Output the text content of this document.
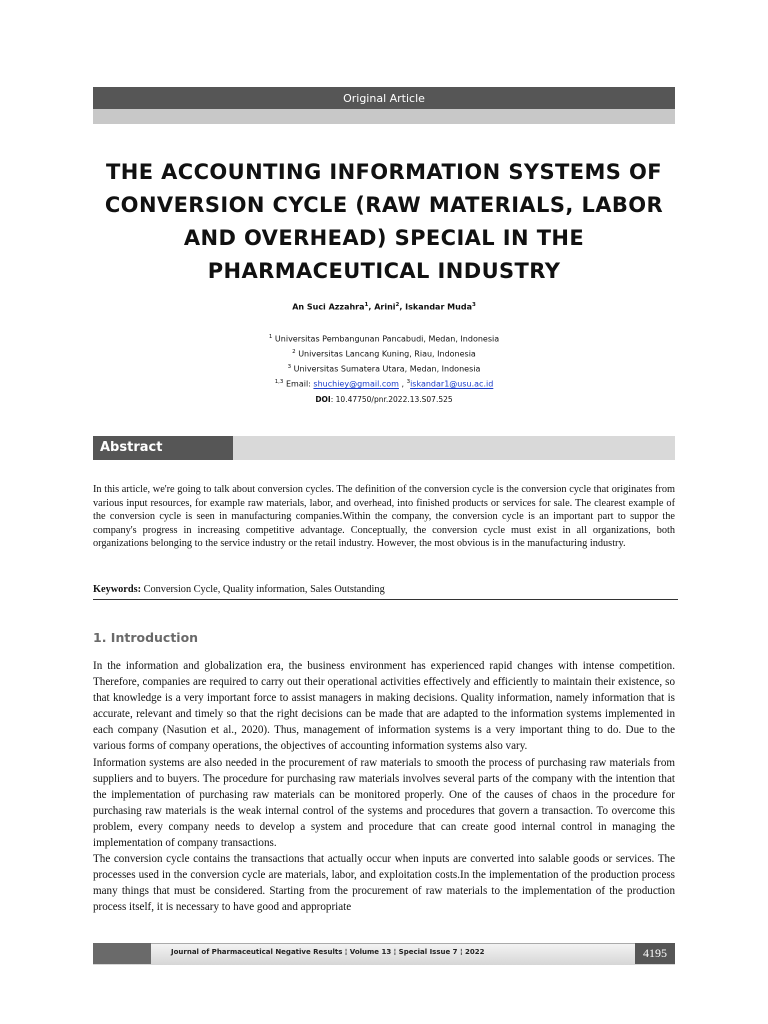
Original Article
THE ACCOUNTING INFORMATION SYSTEMS OF CONVERSION CYCLE (RAW MATERIALS, LABOR AND OVERHEAD) SPECIAL IN THE PHARMACEUTICAL INDUSTRY
An Suci Azzahra$^1$, Arini$^2$, Iskandar Muda$^3$
$^1$ Universitas Pembangunan Pancabudi, Medan, Indonesia
$^2$ Universitas Lancang Kuning, Riau, Indonesia
$^3$ Universitas Sumatera Utara, Medan, Indonesia
$^{1,3}$ Email: shuchiey@gmail.com , $^3$iskandar1@usu.ac.id
DOI: 10.47750/pnr.2022.13.S07.525
Abstract
In this article, we're going to talk about conversion cycles. The definition of the conversion cycle is the conversion cycle that originates from various input resources, for example raw materials, labor, and overhead, into finished products or services for sale. The clearest example of the conversion cycle is seen in manufacturing companies.Within the company, the conversion cycle is an important part to suppor the company's progress in increasing competitive advantage. Conceptually, the conversion cycle must exist in all organizations, both organizations belonging to the service industry or the retail industry. However, the most obvious is in the manufacturing industry.
Keywords: Conversion Cycle, Quality information, Sales Outstanding
1. Introduction

In the information and globalization era, the business environment has experienced rapid changes with intense competition. Therefore, companies are required to carry out their operational activities effectively and efficiently to maintain their existence, so that knowledge is a very important force to assist managers in making decisions. Quality information, namely information that is accurate, relevant and timely so that the right decisions can be made that are adapted to the information systems implemented in each company (Nasution et al., 2020). Thus, management of information systems is a very important thing to do. Due to the various forms of company operations, the objectives of accounting information systems also vary.

Information systems are also needed in the procurement of raw materials to smooth the process of purchasing raw materials from suppliers and to buyers. The procedure for purchasing raw materials involves several parts of the company with the intention that the implementation of purchasing raw materials can be monitored properly. One of the causes of chaos in the procedure for purchasing raw materials is the weak internal control of the systems and procedures that govern a transaction. To overcome this problem, every company needs to develop a system and procedure that can create good internal control in managing the implementation of company transactions.

The conversion cycle contains the transactions that actually occur when inputs are converted into salable goods or services. The processes used in the conversion cycle are materials, labor, and exploitation costs.In the implementation of the production process many things that must be considered. Starting from the procurement of raw materials to the implementation of the production process itself, it is necessary to have good and appropriate

Journal of Pharmaceutical Negative Results ¦ Volume 13 ¦ Special Issue 7 ¦ 2022	4195
